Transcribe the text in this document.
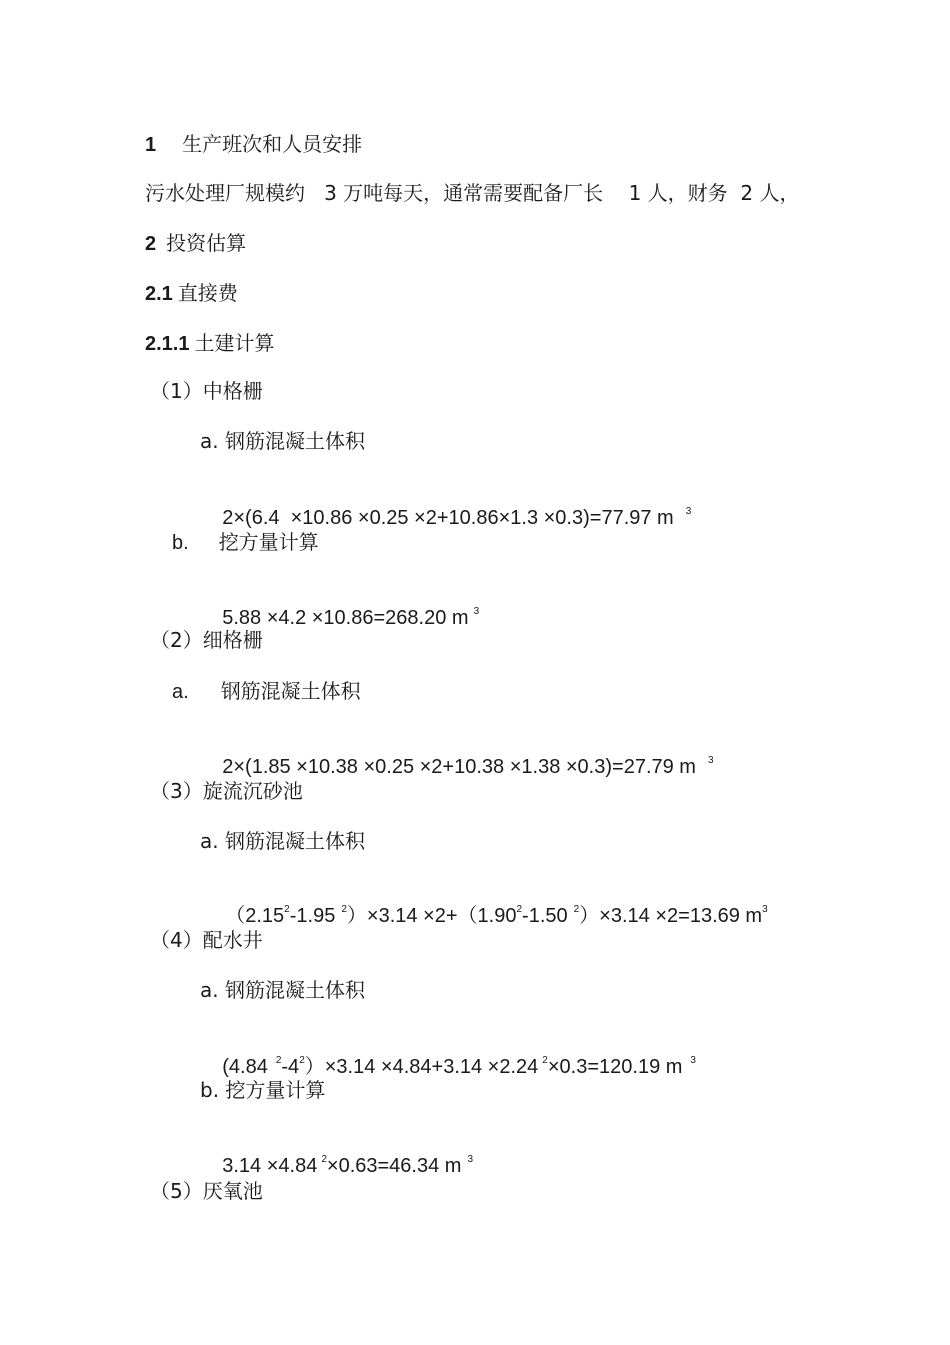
1 生产班次和人员安排
污水处理厂规模约   3 万吨每天，通常需要配备厂长    1 人，财务  2 人，
2 投资估算
2.1 直接费
2.1.1 土建计算
（1）中格栅
a. 钢筋混凝土体积

2×(6.4  ×10.86 ×0.25 ×2+10.86×1.3 ×0.3)=77.97 m $^3$

b. 挖方量计算

5.88 ×4.2 ×10.86=268.20 m $^3$

（2）细格栅
a. 钢筋混凝土体积

2×(1.85 ×10.38 ×0.25 ×2+10.38 ×1.38 ×0.3)=27.79 m $^3$

（3）旋流沉砂池
a. 钢筋混凝土体积

（2.15$^2$-1.95 $^2)\times 3.14 \times 2+(1.90^2-1.50$ $^2$）×3.14 ×2=13.69 $m^3$

（4）配水井
a. 钢筋混凝土体积

(4.84 $^2-4^2)\times 3.14 \times 4.84+3.14 \times 2.24$ $^2$×0.3=120.19 m $^3$

b. 挖方量计算

3.14 ×4.84 $^2$×0.63=46.34 m $^3$

（5）厌氧池
